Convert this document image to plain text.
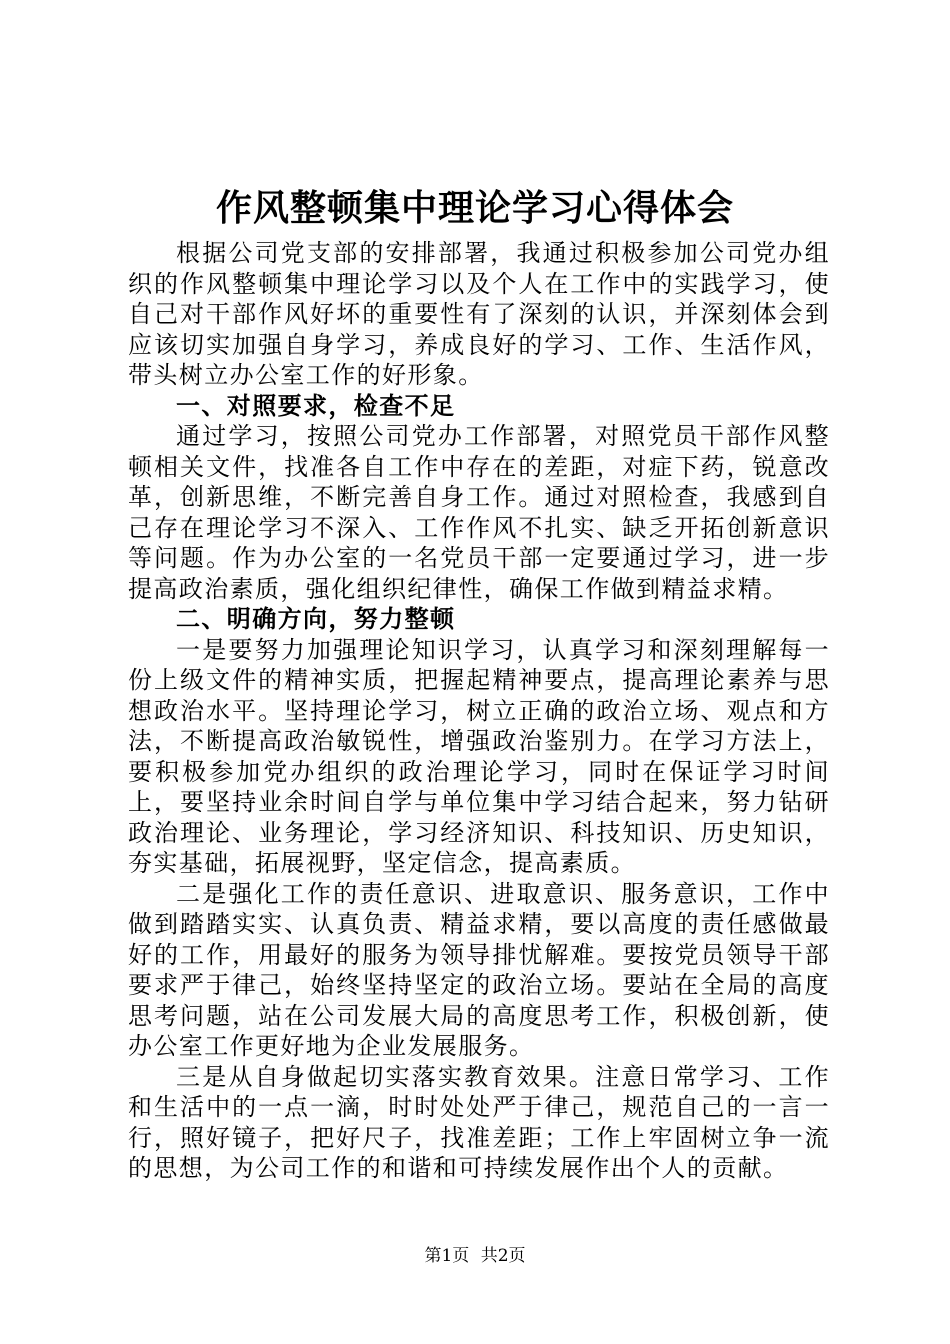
作风整顿集中理论学习心得体会

根据公司党支部的安排部署，我通过积极参加公司党办组织的作风整顿集中理论学习以及个人在工作中的实践学习，使自己对干部作风好坏的重要性有了深刻的认识，并深刻体会到应该切实加强自身学习，养成良好的学习、工作、生活作风，带头树立办公室工作的好形象。

一、对照要求，检查不足

通过学习，按照公司党办工作部署，对照党员干部作风整顿相关文件，找准各自工作中存在的差距，对症下药，锐意改革，创新思维，不断完善自身工作。通过对照检查，我感到自己存在理论学习不深入、工作作风不扎实、缺乏开拓创新意识等问题。作为办公室的一名党员干部一定要通过学习，进一步提高政治素质，强化组织纪律性，确保工作做到精益求精。

二、明确方向，努力整顿

一是要努力加强理论知识学习，认真学习和深刻理解每一份上级文件的精神实质，把握起精神要点，提高理论素养与思想政治水平。坚持理论学习，树立正确的政治立场、观点和方法，不断提高政治敏锐性，增强政治鉴别力。在学习方法上，要积极参加党办组织的政治理论学习，同时在保证学习时间上，要坚持业余时间自学与单位集中学习结合起来，努力钻研政治理论、业务理论，学习经济知识、科技知识、历史知识，夯实基础，拓展视野，坚定信念，提高素质。

二是强化工作的责任意识、进取意识、服务意识，工作中做到踏踏实实、认真负责、精益求精，要以高度的责任感做最好的工作，用最好的服务为领导排忧解难。要按党员领导干部要求严于律己，始终坚持坚定的政治立场。要站在全局的高度思考问题，站在公司发展大局的高度思考工作，积极创新，使办公室工作更好地为企业发展服务。

三是从自身做起切实落实教育效果。注意日常学习、工作和生活中的一点一滴，时时处处严于律己，规范自己的一言一行，照好镜子，把好尺子，找准差距；工作上牢固树立争一流的思想，为公司工作的和谐和可持续发展作出个人的贡献。

第1页 共2页
